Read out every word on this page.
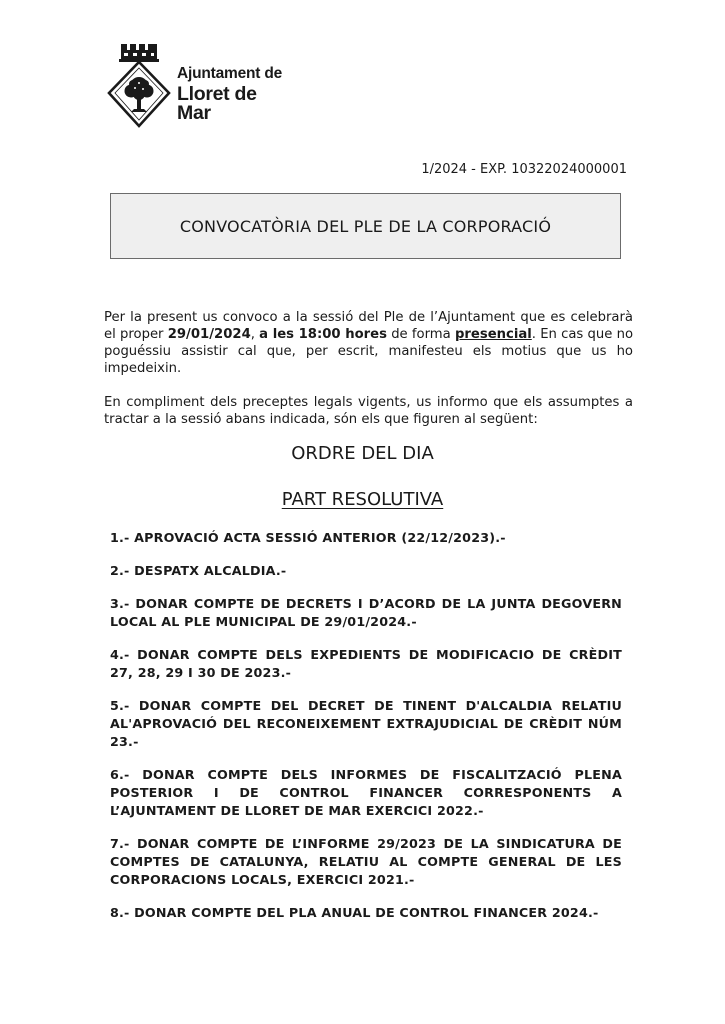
Ajuntament de
Lloret de Mar
1/2024 - EXP. 10322024000001
CONVOCATÒRIA DEL PLE DE LA CORPORACIÓ
Per la present us convoco a la sessió del Ple de l’Ajuntament que es celebrarà el proper 29/01/2024, a les 18:00 hores de forma presencial. En cas que no poguéssiu assistir cal que, per escrit, manifesteu els motius que us ho impedeixin.
En compliment dels preceptes legals vigents, us informo que els assumptes a tractar a la sessió abans indicada, són els que figuren al següent:
ORDRE DEL DIA
PART RESOLUTIVA
1.- APROVACIÓ ACTA SESSIÓ ANTERIOR (22/12/2023).-
2.- DESPATX ALCALDIA.-
3.- DONAR COMPTE DE DECRETS I D’ACORD DE LA JUNTA DEGOVERN LOCAL AL PLE MUNICIPAL DE 29/01/2024.-
4.- DONAR COMPTE DELS EXPEDIENTS DE MODIFICACIO DE CRÈDIT 27, 28, 29 I 30 DE 2023.-
5.- DONAR COMPTE DEL DECRET DE TINENT D'ALCALDIA RELATIU AL'APROVACIÓ DEL RECONEIXEMENT EXTRAJUDICIAL DE CRÈDIT NÚM 23.-
6.- DONAR COMPTE DELS INFORMES DE FISCALITZACIÓ PLENA POSTERIOR I DE CONTROL FINANCER CORRESPONENTS A L’AJUNTAMENT DE LLORET DE MAR EXERCICI 2022.-
7.- DONAR COMPTE DE L’INFORME 29/2023 DE LA SINDICATURA DE COMPTES DE CATALUNYA, RELATIU AL COMPTE GENERAL DE LES CORPORACIONS LOCALS, EXERCICI 2021.-
8.- DONAR COMPTE DEL PLA ANUAL DE CONTROL FINANCER 2024.-
